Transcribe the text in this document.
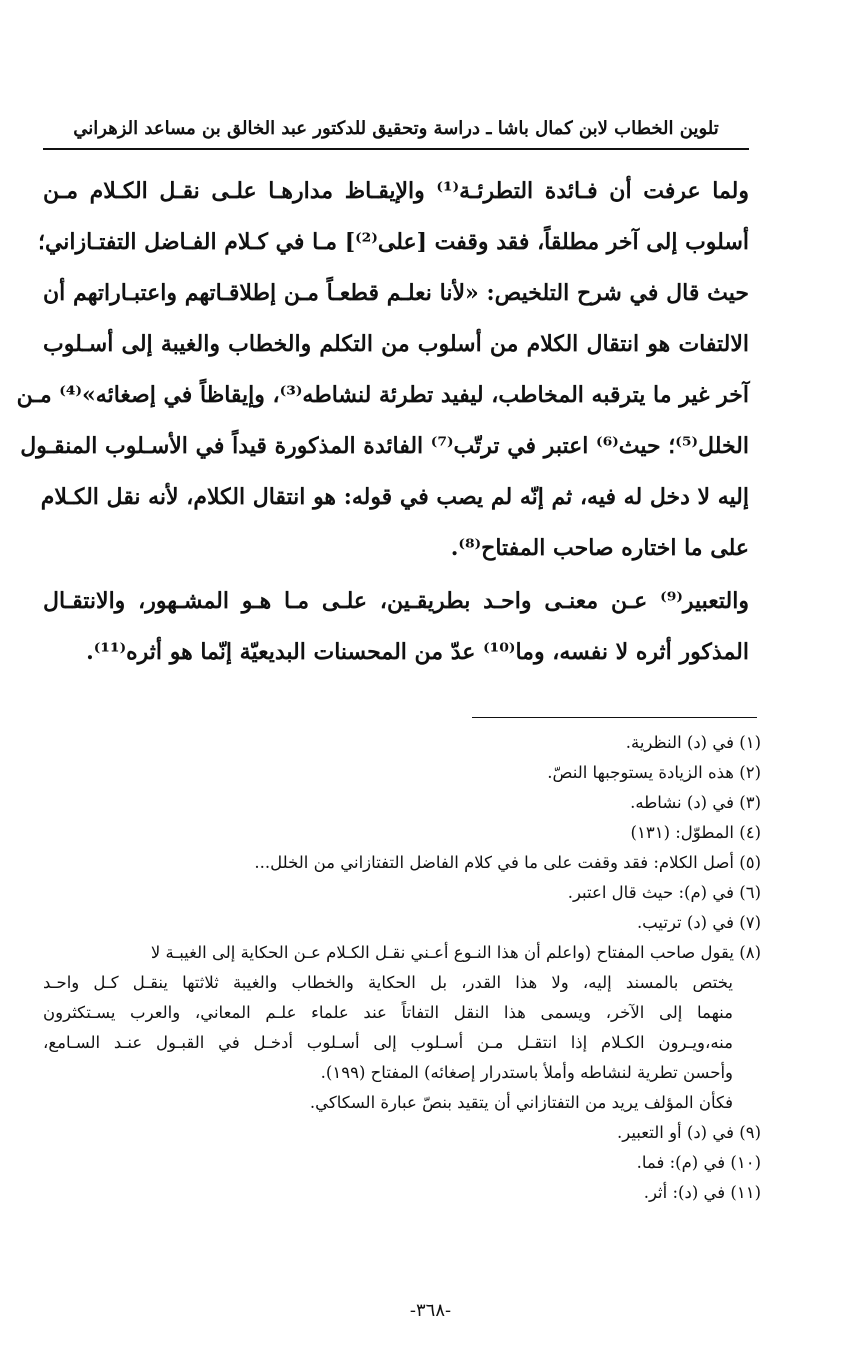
تلوين الخطاب لابن كمال باشا ـ دراسة وتحقيق للدكتور عبد الخالق بن مساعد الزهراني
ولما عرفت أن فـائدة التطرئـة⁽¹⁾ والإيقـاظ مدارهـا علـى نقـل الكـلام مـن
أسلوب إلى آخر مطلقاً، فقد وقفت [على⁽²⁾] مـا في كـلام الفـاضل التفتـازاني؛
حيث قال في شرح التلخيص: «لأنا نعلـم قطعـاً مـن إطلاقـاتهم واعتبـاراتهم أن
الالتفات هو انتقال الكلام من أسلوب من التكلم والخطاب والغيبة إلى أسـلوب
آخر غير ما يترقبه المخاطب، ليفيد تطرئة لنشاطه⁽³⁾، وإيقاظاً في إصغائه»⁽⁴⁾ مـن
الخلل⁽⁵⁾؛ حيث⁽⁶⁾ اعتبر في ترتّب⁽⁷⁾ الفائدة المذكورة قيداً في الأسـلوب المنقـول
إليه لا دخل له فيه، ثم إنّه لم يصب في قوله: هو انتقال الكلام، لأنه نقل الكـلام
على ما اختاره صاحب المفتاح⁽⁸⁾.
والتعبير⁽⁹⁾ عـن معنـى واحـد بطريقـين، علـى مـا هـو المشـهور، والانتقـال
المذكور أثره لا نفسه، وما⁽¹⁰⁾ عدّ من المحسنات البديعيّة إنّما هو أثره⁽¹¹⁾.
(١) في (د) النظرية.
(٢) هذه الزيادة يستوجبها النصّ.
(٣) في (د) نشاطه.
(٤) المطوّل: (١٣١)
(٥) أصل الكلام: فقد وقفت على ما في كلام الفاضل التفتازاني من الخلل...
(٦) في (م): حيث قال اعتبر.
(٧) في (د) ترتيب.
(٨) يقول صاحب المفتاح (واعلم أن هذا النـوع أعـني نقـل الكـلام عـن الحكاية إلى الغيبـة لا
يختص بالمسند إليه، ولا هذا القدر، بل الحكاية والخطاب والغيبة ثلاثتها ينقـل كـل واحـد
منهما إلى الآخر، ويسمى هذا النقل التفاتاً عند علماء علـم المعاني، والعرب يسـتكثرون
منه،ويـرون الكـلام إذا انتقـل مـن أسـلوب إلى أسـلوب أدخـل في القبـول عنـد السـامع،
وأحسن تطرية لنشاطه وأملأ باستدرار إصغائه) المفتاح (١٩٩).
فكأن المؤلف يريد من التفتازاني أن يتقيد بنصّ عبارة السكاكي.
(٩) في (د) أو التعبير.
(١٠) في (م): فما.
(١١) في (د): أثر.
-٣٦٨-
